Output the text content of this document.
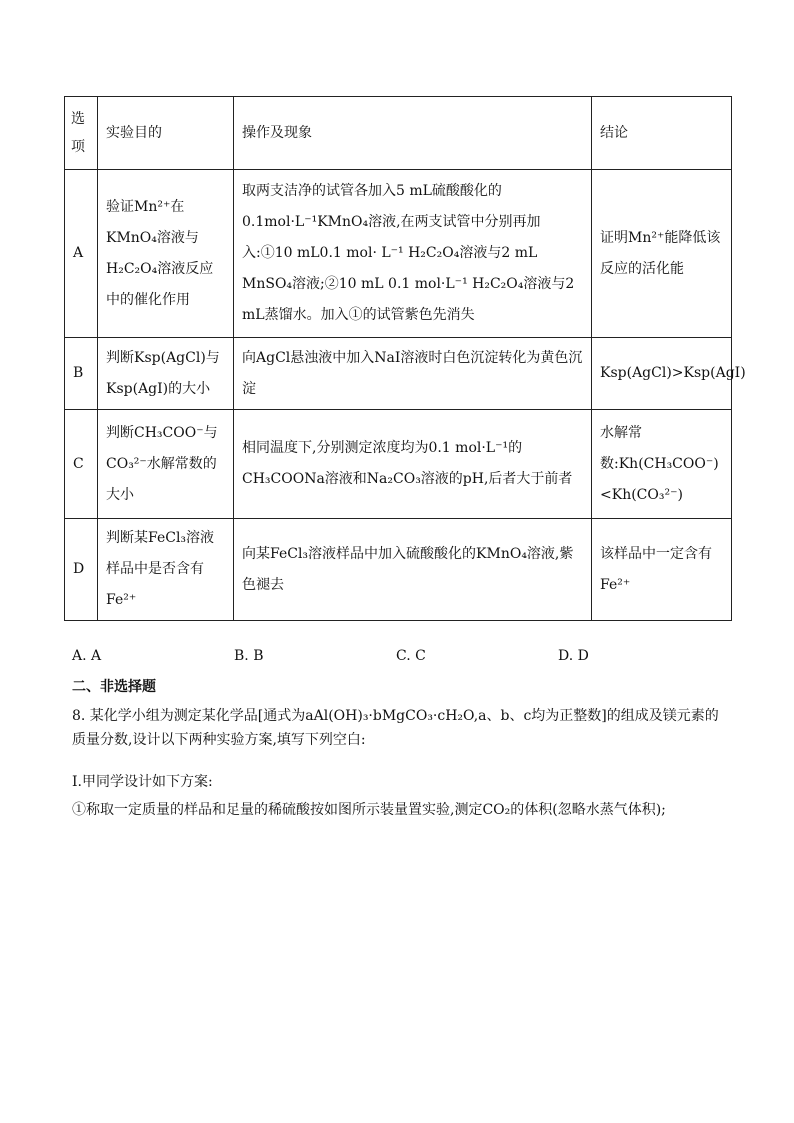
选项	实验目的	操作及现象	结论
A	验证Mn²⁺在KMnO₄溶液与H₂C₂O₄溶液反应中的催化作用	取两支洁净的试管各加入5 mL硫酸酸化的0.1mol·L⁻¹KMnO₄溶液,在两支试管中分别再加入:①10 mL0.1 mol· L⁻¹ H₂C₂O₄溶液与2 mL MnSO₄溶液;②10 mL 0.1 mol·L⁻¹ H₂C₂O₄溶液与2 mL蒸馏水。加入①的试管紫色先消失	证明Mn²⁺能降低该反应的活化能
B	判断Ksp(AgCl)与Ksp(AgI)的大小	向AgCl悬浊液中加入NaI溶液时白色沉淀转化为黄色沉淀	Ksp(AgCl)>Ksp(AgI)
C	判断CH₃COO⁻与CO₃²⁻水解常数的大小	相同温度下,分别测定浓度均为0.1 mol·L⁻¹的CH₃COONa溶液和Na₂CO₃溶液的pH,后者大于前者	水解常数:Kh(CH₃COO⁻)<Kh(CO₃²⁻)
D	判断某FeCl₃溶液样品中是否含有Fe²⁺	向某FeCl₃溶液样品中加入硫酸酸化的KMnO₄溶液,紫色褪去	该样品中一定含有Fe²⁺
A. A	B. B	C. C	D. D
二、非选择题
8. 某化学小组为测定某化学品[通式为aAl(OH)₃·bMgCO₃·cH₂O,a、b、c均为正整数]的组成及镁元素的质量分数,设计以下两种实验方案,填写下列空白:
I.甲同学设计如下方案:
①称取一定质量的样品和足量的稀硫酸按如图所示装量置实验,测定CO₂的体积(忽略水蒸气体积);
